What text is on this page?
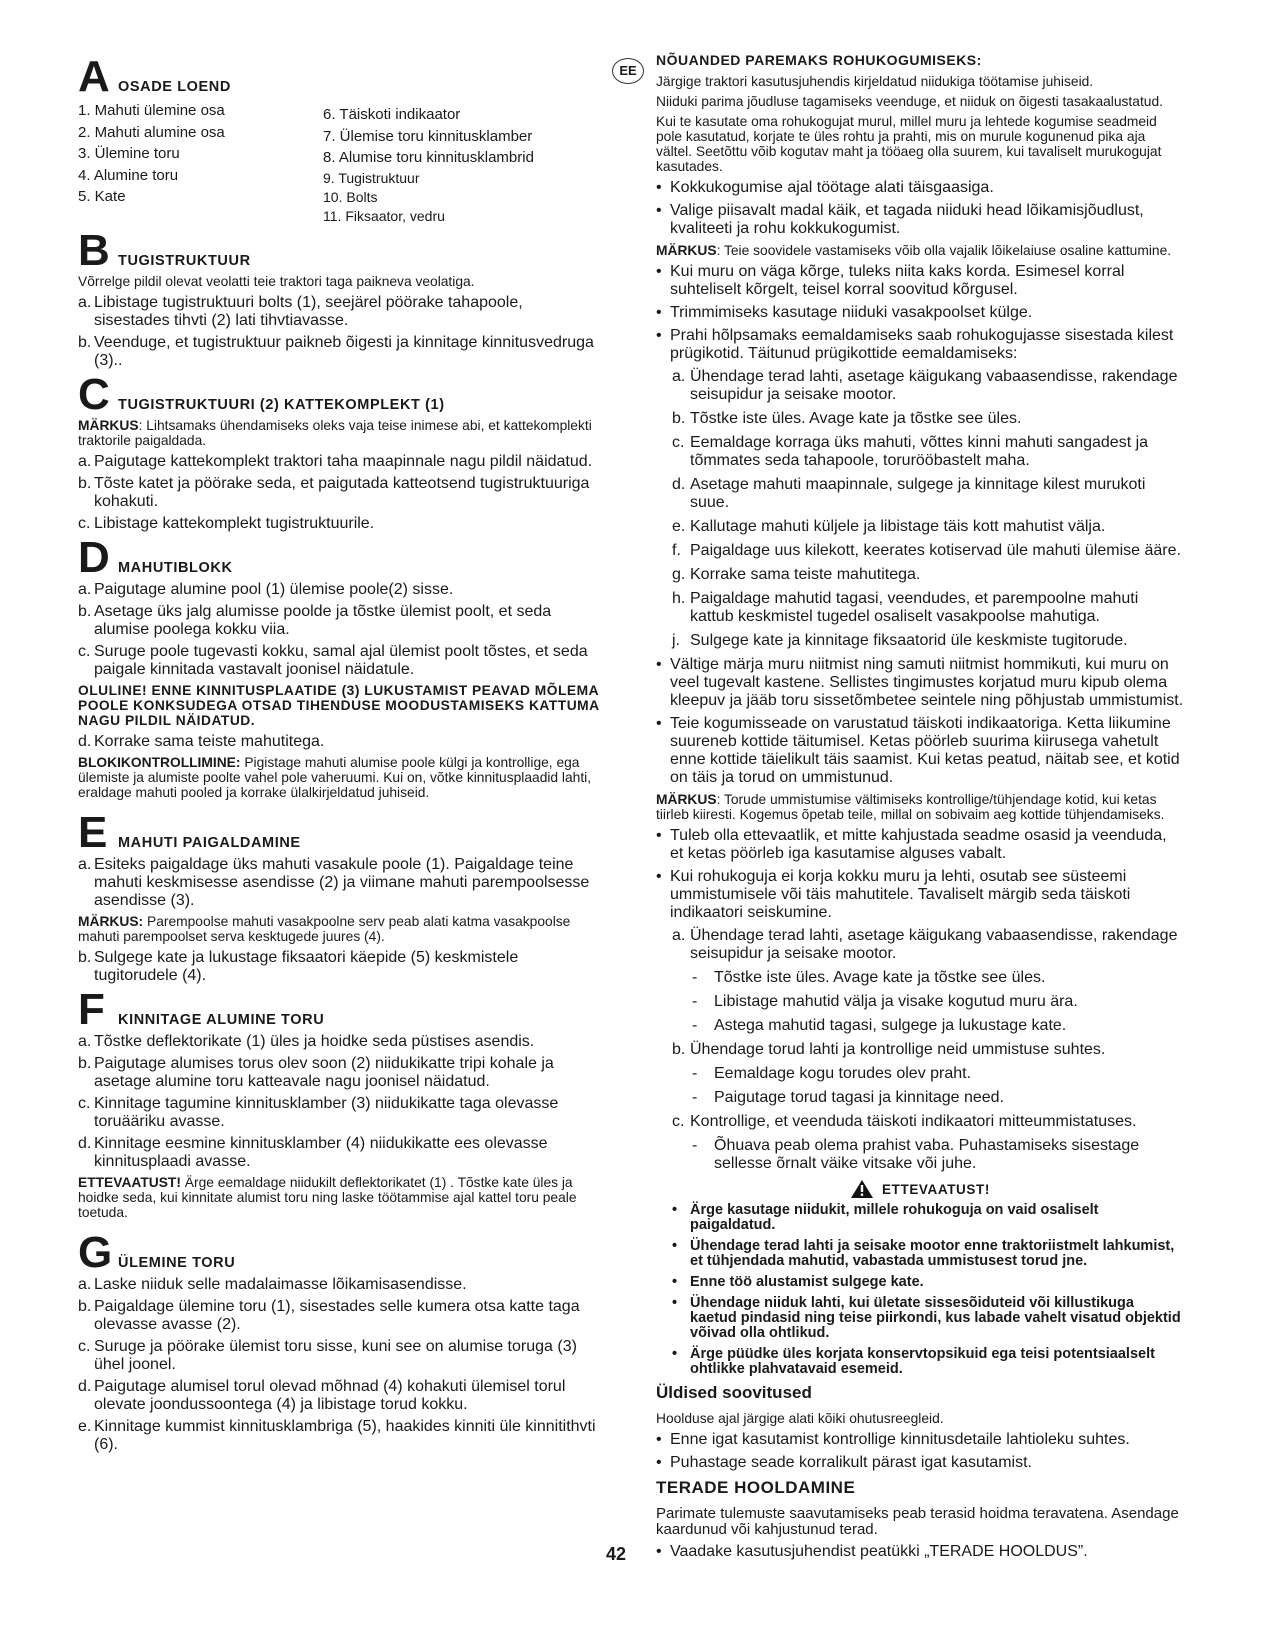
A OSADE LOEND
1. Mahuti ülemine osa
2. Mahuti alumine osa
3. Ülemine toru
4. Alumine toru
5. Kate
6. Täiskoti indikaator
7. Ülemise toru kinnitusklamber
8. Alumise toru kinnitusklambrid
9. Tugistruktuur
10. Bolts
11. Fiksaator, vedru
B TUGISTRUKTUUR

Võrrelge pildil olevat veolatti teie traktori taga paikneva veolatiga.

a. Libistage tugistruktuuri bolts (1), seejärel pöörake tahapoole, sisestades tihvti (2) lati tihvtiavasse.
b. Veenduge, et tugistruktuur paikneb õigesti ja kinnitage kinnitusvedruga (3)..
C TUGISTRUKTUURI (2) KATTEKOMPLEKT (1)

MÄRKUS: Lihtsamaks ühendamiseks oleks vaja teise inimese abi, et kattekomplekti traktorile paigaldada.

a. Paigutage kattekomplekt traktori taha maapinnale nagu pildil näidatud.
b. Tõste katet ja pöörake seda, et paigutada katteotsend tugistruktuuriga kohakuti.
c. Libistage kattekomplekt tugistruktuurile.
D MAHUTIBLOKK
a. Paigutage alumine pool (1) ülemise poole(2) sisse.
b. Asetage üks jalg alumisse poolde ja tõstke ülemist poolt, et seda alumise poolega kokku viia.
c. Suruge poole tugevasti kokku, samal ajal ülemist poolt tõstes, et seda paigale kinnitada vastavalt joonisel näidatule.

OLULINE! ENNE KINNITUSPLAATIDE (3) LUKUSTAMIST PEAVAD MÕLEMA POOLE KONKSUDEGA OTSAD TIHENDUSE MOODUSTAMISEKS KATTUMA NAGU PILDIL NÄIDATUD.

d. Korrake sama teiste mahutitega.

BLOKIKONTROLLIMINE: Pigistage mahuti alumise poole külgi ja kontrollige, ega ülemiste ja alumiste poolte vahel pole vaheruumi. Kui on, võtke kinnitusplaadid lahti, eraldage mahuti pooled ja korrake ülalkirjeldatud juhiseid.

E MAHUTI PAIGALDAMINE
a. Esiteks paigaldage üks mahuti vasakule poole (1). Paigaldage teine mahuti keskmisesse asendisse (2) ja viimane mahuti parempoolsesse asendisse (3).

MÄRKUS: Parempoolse mahuti vasakpoolne serv peab alati katma vasakpoolse mahuti parempoolset serva kesktugede juures (4).

b. Sulgege kate ja lukustage fiksaatori käepide (5) keskmistele tugitorudele (4).
F KINNITAGE ALUMINE TORU
a. Tõstke deflektorikate (1) üles ja hoidke seda püstises asendis.
b. Paigutage alumises torus olev soon (2) niidukikatte tripi kohale ja asetage alumine toru katteavale nagu joonisel näidatud.
c. Kinnitage tagumine kinnitusklamber (3) niidukikatte taga olevasse toruääriku avasse.
d. Kinnitage eesmine kinnitusklamber (4) niidukikatte ees olevasse kinnitusplaadi avasse.

ETTEVAATUST! Ärge eemaldage niidukilt deflektorikatet (1) . Tõstke kate üles ja hoidke seda, kui kinnitate alumist toru ning laske töötammise ajal kattel toru peale toetuda.

G ÜLEMINE TORU
a. Laske niiduk selle madalaimasse lõikamisasendisse.
b. Paigaldage ülemine toru (1), sisestades selle kumera otsa katte taga olevasse avasse (2).
c. Suruge ja pöörake ülemist toru sisse, kuni see on alumise toruga (3) ühel joonel.
d. Paigutage alumisel torul olevad mõhnad (4) kohakuti ülemisel torul olevate joondussoontega (4) ja libistage torud kokku.
e. Kinnitage kummist kinnitusklambriga (5), haakides kinniti üle kinnitithvti (6).
EE
NÕUANDED PAREMAKS ROHUKOGUMISEKS:

Järgige traktori kasutusjuhendis kirjeldatud niidukiga töötamise juhiseid.

Niiduki parima jõudluse tagamiseks veenduge, et niiduk on õigesti tasakaalustatud.

Kui te kasutate oma rohukogujat murul, millel muru ja lehtede kogumise seadmeid pole kasutatud, korjate te üles rohtu ja prahti, mis on murule kogunenud pika aja vältel. Seetõttu võib kogutav maht ja tööaeg olla suurem, kui tavaliselt murukogujat kasutades.

• Kokkukogumise ajal töötage alati täisgaasiga.
• Valige piisavalt madal käik, et tagada niiduki head lõikamisjõudlust, kvaliteeti ja rohu kokkukogumist.

MÄRKUS: Teie soovidele vastamiseks võib olla vajalik lõikelaiuse osaline kattumine.

• Kui muru on väga kõrge, tuleks niita kaks korda. Esimesel korral suhteliselt kõrgelt, teisel korral soovitud kõrgusel.
• Trimmimiseks kasutage niiduki vasakpoolset külge.
• Prahi hõlpsamaks eemaldamiseks saab rohukogujasse sisestada kilest prügikotid. Täitunud prügikottide eemaldamiseks:
a. Ühendage terad lahti, asetage käigukang vabaasendisse, rakendage seisupidur ja seisake mootor.
b. Tõstke iste üles. Avage kate ja tõstke see üles.
c. Eemaldage korraga üks mahuti, võttes kinni mahuti sangadest ja tõmmates seda tahapoole, torurööbastelt maha.
d. Asetage mahuti maapinnale, sulgege ja kinnitage kilest murukoti suue.
e. Kallutage mahuti küljele ja libistage täis kott mahutist välja.
f. Paigaldage uus kilekott, keerates kotiservad üle mahuti ülemise ääre.
g. Korrake sama teiste mahutitega.
h. Paigaldage mahutid tagasi, veendudes, et parempoolne mahuti kattub keskmistel tugedel osaliselt vasakpoolse mahutiga.
j. Sulgege kate ja kinnitage fiksaatorid üle keskmiste tugitorude.
• Vältige märja muru niitmist ning samuti niitmist hommikuti, kui muru on veel tugevalt kastene. Sellistes tingimustes korjatud muru kipub olema kleepuv ja jääb toru sissetõmbetee seintele ning põhjustab ummistumist.
• Teie kogumisseade on varustatud täiskoti indikaatoriga. Ketta liikumine suureneb kottide täitumisel. Ketas pöörleb suurima kiirusega vahetult enne kottide täielikult täis saamist. Kui ketas peatud, näitab see, et kotid on täis ja torud on ummistunud.

MÄRKUS: Torude ummistumise vältimiseks kontrollige/tühjendage kotid, kui ketas tiirleb kiiresti. Kogemus õpetab teile, millal on sobivaim aeg kottide tühjendamiseks.

• Tuleb olla ettevaatlik, et mitte kahjustada seadme osasid ja veenduda, et ketas pöörleb iga kasutamise alguses vabalt.
• Kui rohukoguja ei korja kokku muru ja lehti, osutab see süsteemi ummistumisele või täis mahutitele. Tavaliselt märgib seda täiskoti indikaatori seiskumine.
a. Ühendage terad lahti, asetage käigukang vabaasendisse, rakendage seisupidur ja seisake mootor.
-	Tõstke iste üles. Avage kate ja tõstke see üles.
-	Libistage mahutid välja ja visake kogutud muru ära.
-	Astega mahutid tagasi, sulgege ja lukustage kate.
b. Ühendage torud lahti ja kontrollige neid ummistuse suhtes.
-	Eemaldage kogu torudes olev praht.
-	Paigutage torud tagasi ja kinnitage need.
c. Kontrollige, et veenduda täiskoti indikaatori mitteummistatuses.
-	Õhuava peab olema prahist vaba. Puhastamiseks sisestage sellesse õrnalt väike vitsake või juhe.
ETTEVAATUST!
• Ärge kasutage niidukit, millele rohukoguja on vaid osaliselt paigaldatud.
• Ühendage terad lahti ja seisake mootor enne traktoriistmelt lahkumist, et tühjendada mahutid, vabastada ummistusest torud jne.
• Enne töö alustamist sulgege kate.
• Ühendage niiduk lahti, kui ületate sissesõiduteid või killustikuga kaetud pindasid ning teise piirkondi, kus labade vahelt visatud objektid võivad olla ohtlikud.
• Ärge püüdke üles korjata konservtopsikuid ega teisi potentsiaalselt ohtlikke plahvatavaid esemeid.
Üldised soovitused

Hoolduse ajal järgige alati kõiki ohutusreegleid.

• Enne igat kasutamist kontrollige kinnitusdetaile lahtioleku suhtes.
• Puhastage seade korralikult pärast igat kasutamist.
TERADE HOOLDAMINE

Parimate tulemuste saavutamiseks peab terasid hoidma teravatena. Asendage kaardunud või kahjustunud terad.

• Vaadake kasutusjuhendist peatükki „TERADE HOOLDUS”.
42
